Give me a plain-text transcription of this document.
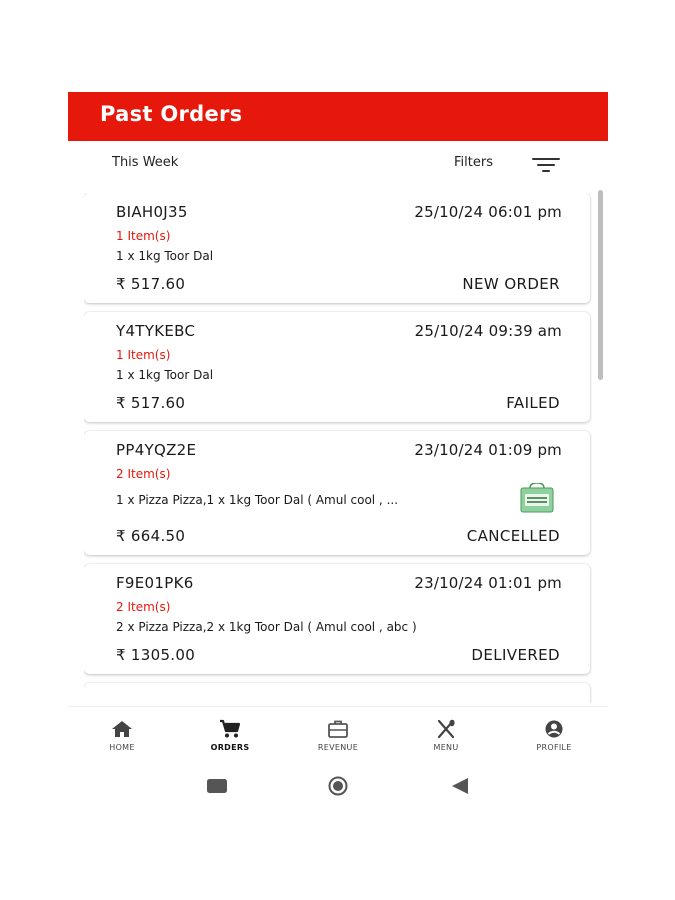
Past Orders
This Week	Filters
BIAH0J35	25/10/24 06:01 pm
1 Item(s)
1 x 1kg Toor Dal
₹ 517.60	NEW ORDER
Y4TYKEBC	25/10/24 09:39 am
1 Item(s)
1 x 1kg Toor Dal
₹ 517.60	FAILED
PP4YQZ2E	23/10/24 01:09 pm
2 Item(s)
1 x Pizza Pizza,1 x 1kg Toor Dal ( Amul cool , ...
₹ 664.50	CANCELLED
F9E01PK6	23/10/24 01:01 pm
2 Item(s)
2 x Pizza Pizza,2 x 1kg Toor Dal ( Amul cool , abc )
₹ 1305.00	DELIVERED
HOME	ORDERS	REVENUE	MENU	PROFILE
